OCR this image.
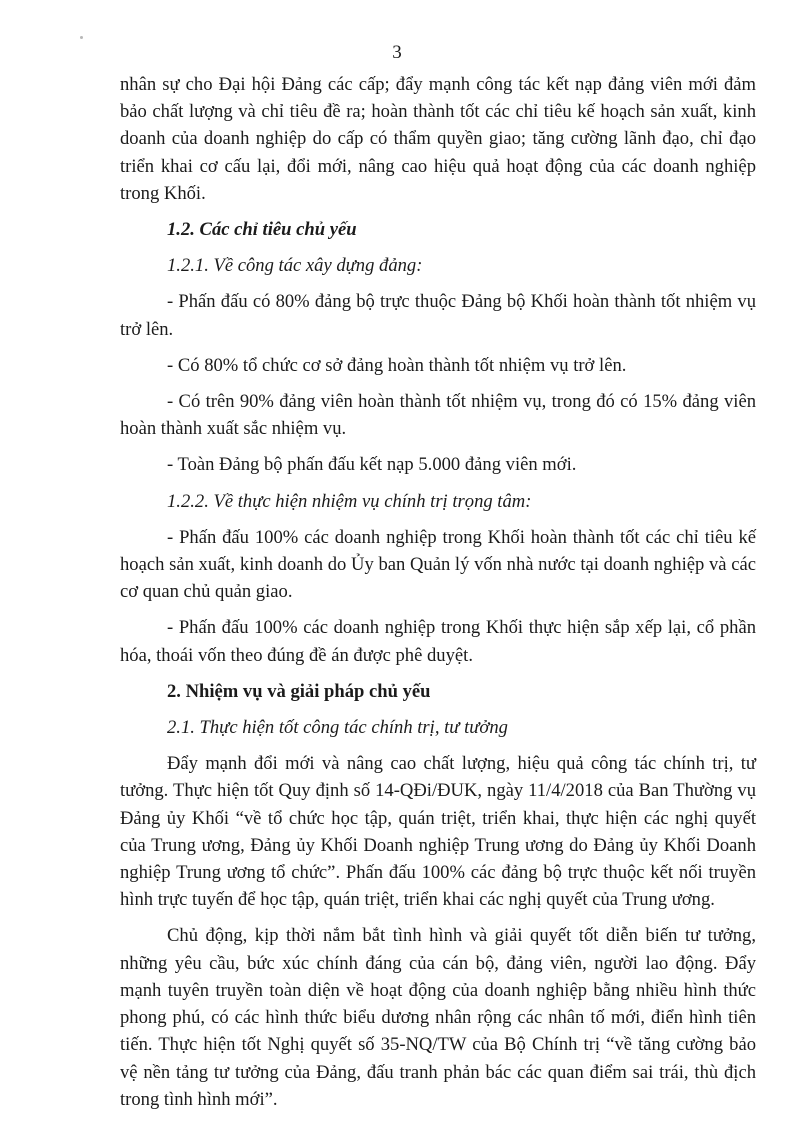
3

nhân sự cho Đại hội Đảng các cấp; đẩy mạnh công tác kết nạp đảng viên mới đảm bảo chất lượng và chỉ tiêu đề ra; hoàn thành tốt các chỉ tiêu kế hoạch sản xuất, kinh doanh của doanh nghiệp do cấp có thẩm quyền giao; tăng cường lãnh đạo, chỉ đạo triển khai cơ cấu lại, đổi mới, nâng cao hiệu quả hoạt động của các doanh nghiệp trong Khối.

1.2. Các chỉ tiêu chủ yếu
1.2.1. Về công tác xây dựng đảng:

- Phấn đấu có 80% đảng bộ trực thuộc Đảng bộ Khối hoàn thành tốt nhiệm vụ trở lên.

- Có 80% tổ chức cơ sở đảng hoàn thành tốt nhiệm vụ trở lên.

- Có trên 90% đảng viên hoàn thành tốt nhiệm vụ, trong đó có 15% đảng viên hoàn thành xuất sắc nhiệm vụ.

- Toàn Đảng bộ phấn đấu kết nạp 5.000 đảng viên mới.

1.2.2. Về thực hiện nhiệm vụ chính trị trọng tâm:

- Phấn đấu 100% các doanh nghiệp trong Khối hoàn thành tốt các chỉ tiêu kế hoạch sản xuất, kinh doanh do Ủy ban Quản lý vốn nhà nước tại doanh nghiệp và các cơ quan chủ quản giao.

- Phấn đấu 100% các doanh nghiệp trong Khối thực hiện sắp xếp lại, cổ phần hóa, thoái vốn theo đúng đề án được phê duyệt.

2. Nhiệm vụ và giải pháp chủ yếu
2.1. Thực hiện tốt công tác chính trị, tư tưởng

Đẩy mạnh đổi mới và nâng cao chất lượng, hiệu quả công tác chính trị, tư tưởng. Thực hiện tốt Quy định số 14-QĐi/ĐUK, ngày 11/4/2018 của Ban Thường vụ Đảng ủy Khối “về tổ chức học tập, quán triệt, triển khai, thực hiện các nghị quyết của Trung ương, Đảng ủy Khối Doanh nghiệp Trung ương do Đảng ủy Khối Doanh nghiệp Trung ương tổ chức”. Phấn đấu 100% các đảng bộ trực thuộc kết nối truyền hình trực tuyến để học tập, quán triệt, triển khai các nghị quyết của Trung ương.

Chủ động, kịp thời nắm bắt tình hình và giải quyết tốt diễn biến tư tưởng, những yêu cầu, bức xúc chính đáng của cán bộ, đảng viên, người lao động. Đẩy mạnh tuyên truyền toàn diện về hoạt động của doanh nghiệp bằng nhiều hình thức phong phú, có các hình thức biểu dương nhân rộng các nhân tố mới, điển hình tiên tiến. Thực hiện tốt Nghị quyết số 35-NQ/TW của Bộ Chính trị “về tăng cường bảo vệ nền tảng tư tưởng của Đảng, đấu tranh phản bác các quan điểm sai trái, thù địch trong tình hình mới”.
